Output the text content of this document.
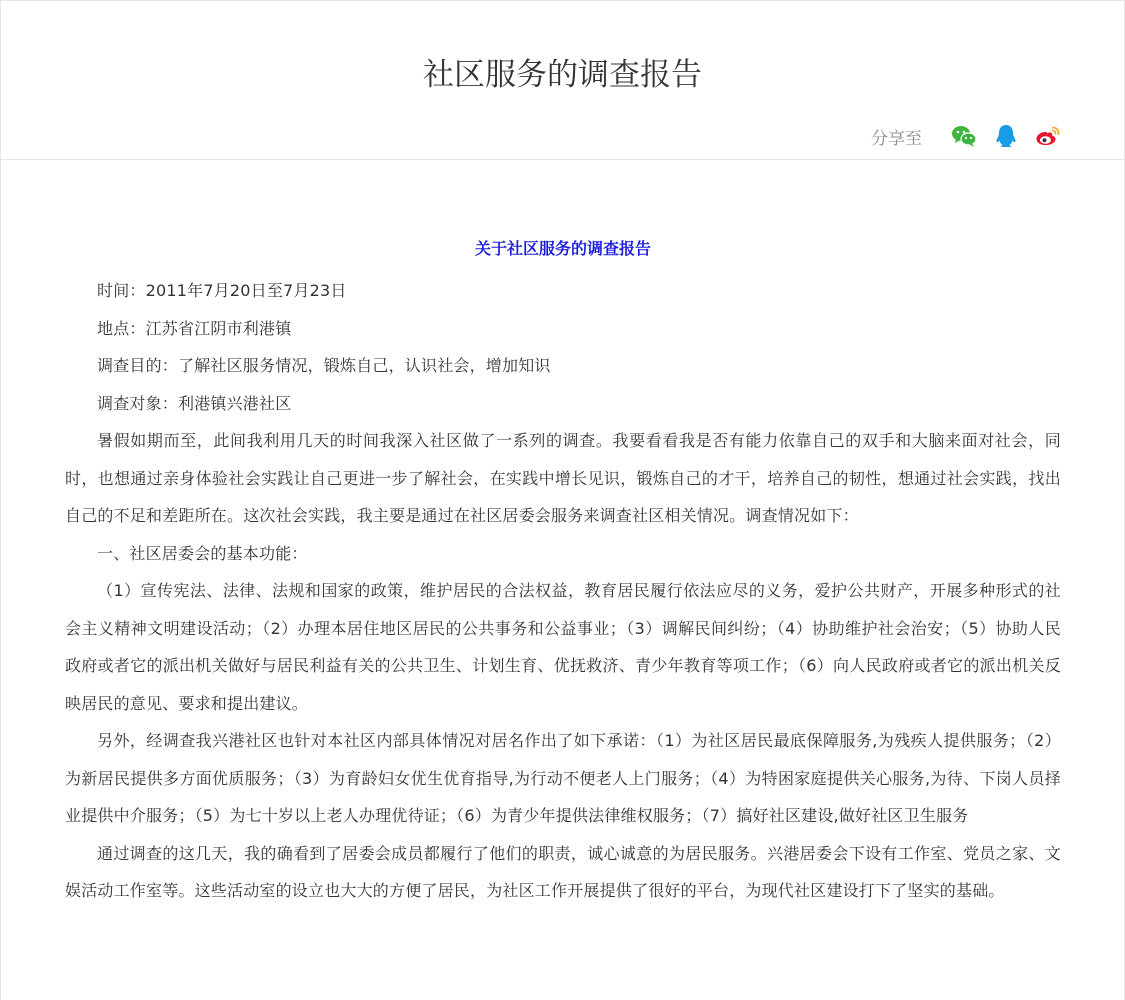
社区服务的调查报告
分享至
关于社区服务的调查报告

时间：2011年7月20日至7月23日

地点：江苏省江阴市利港镇

调查目的：了解社区服务情况，锻炼自己，认识社会，增加知识

调查对象：利港镇兴港社区

暑假如期而至，此间我利用几天的时间我深入社区做了一系列的调查。我要看看我是否有能力依靠自己的双手和大脑来面对社会，同时，也想通过亲身体验社会实践让自己更进一步了解社会，在实践中增长见识，锻炼自己的才干，培养自己的韧性，想通过社会实践，找出自己的不足和差距所在。这次社会实践，我主要是通过在社区居委会服务来调查社区相关情况。调查情况如下：

一、社区居委会的基本功能：

（1）宣传宪法、法律、法规和国家的政策，维护居民的合法权益，教育居民履行依法应尽的义务，爱护公共财产，开展多种形式的社会主义精神文明建设活动；（2）办理本居住地区居民的公共事务和公益事业；（3）调解民间纠纷；（4）协助维护社会治安；（5）协助人民政府或者它的派出机关做好与居民利益有关的公共卫生、计划生育、优抚救济、青少年教育等项工作；（6）向人民政府或者它的派出机关反映居民的意见、要求和提出建议。

另外，经调查我兴港社区也针对本社区内部具体情况对居名作出了如下承诺：（1）为社区居民最底保障服务,为残疾人提供服务；（2）为新居民提供多方面优质服务；（3）为育龄妇女优生优育指导,为行动不便老人上门服务；（4）为特困家庭提供关心服务,为待、下岗人员择业提供中介服务；（5）为七十岁以上老人办理优待证；（6）为青少年提供法律维权服务；（7）搞好社区建设,做好社区卫生服务

通过调查的这几天，我的确看到了居委会成员都履行了他们的职责，诚心诚意的为居民服务。兴港居委会下设有工作室、党员之家、文娱活动工作室等。这些活动室的设立也大大的方便了居民，为社区工作开展提供了很好的平台，为现代社区建设打下了坚实的基础。
